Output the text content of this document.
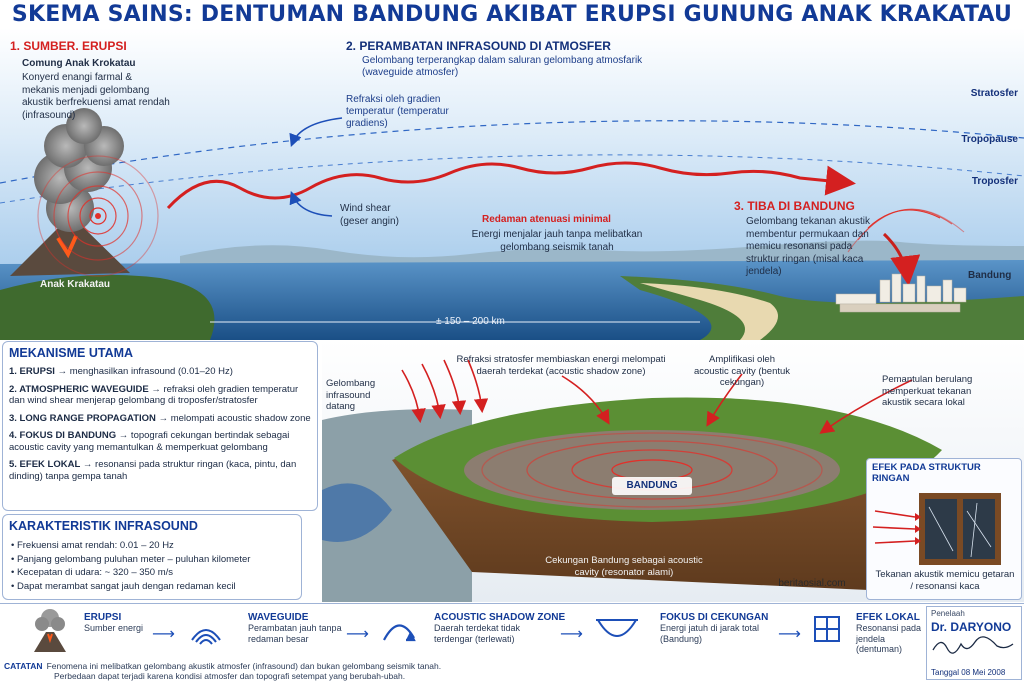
SKEMA SAINS: DENTUMAN BANDUNG AKIBAT ERUPSI GUNUNG ANAK KRAKATAU
1. SUMBER. ERUPSI
Comung Anak Krokatau
Konyerd enangi farmal & mekanis menjadi gelombang akustik berfrekuensi amat rendah (infrasound)
Anak Krakatau
2. PERAMBATAN INFRASOUND DI ATMOSFER
Gelombang terperangkap dalam saluran gelombang atmosfarik (waveguide atmosfer)
Refraksi oleh gradien temperatur (temperatur gradiens)
Wind shear (geser angin)	Redaman atenuasi minimal
Energi menjalar jauh tanpa melibatkan gelombang seismik tanah
± 150 – 200 km
Stratosfer
Tropopause
Troposfer
3. TIBA DI BANDUNG
Gelombang tekanan akustik membentur permukaan dan memicu resonansi pada struktur ringan (misal kaca jendela)	Bandung
MEKANISME UTAMA
1. ERUPSI → menghasilkan infrasound (0.01–20 Hz)
2. ATMOSPHERIC WAVEGUIDE → refraksi oleh gradien temperatur dan wind shear menjerap gelombang di troposfer/stratosfer
3. LONG RANGE PROPAGATION → melompati acoustic shadow zone
4. FOKUS DI BANDUNG → topografi cekungan bertindak sebagai acoustic cavity yang memantulkan & memperkuat gelombang
5. EFEK LOKAL → resonansi pada struktur ringan (kaca, pintu, dan dinding) tanpa gempa tanah
KARAKTERISTIK INFRASOUND
• Frekuensi amat rendah: 0.01 – 20 Hz
• Panjang gelombang puluhan meter – puluhan kilometer
• Kecepatan di udara: ~ 320 – 350 m/s
• Dapat merambat sangat jauh dengan redaman kecil
Gelombang infrasound datang
Refraksi stratosfer membiaskan energi melompati daerah terdekat (acoustic shadow zone)
Amplifikasi oleh acoustic cavity (bentuk cekungan)	Pemantulan berulang memperkuat tekanan akustik secara lokal
BANDUNG
Cekungan Bandung sebagai acoustic cavity (resonator alami)
beritaosial.com
EFEK PADA STRUKTUR RINGAN
Tekanan akustik memicu getaran / resonansi kaca
ERUPSI
Sumber energi ⟶
WAVEGUIDE
Perambatan jauh tanpa redaman besar	⟶
ACOUSTIC SHADOW ZONE
Daerah terdekat tidak terdengar (terlewati)	⟶
FOKUS DI CEKUNGAN
Energi jatuh di jarak total (Bandung)	⟶
EFEK LOKAL
Resonansi pada jendela (dentuman)
Penelaah
Dr. DARYONO
Tanggal 08 Mei 2008
CATATAN Fenomena ini melibatkan gelombang akustik atmosfer (infrasound) dan bukan gelombang seismik tanah.
Perbedaan dapat terjadi karena kondisi atmosfer dan topografi setempat yang berubah-ubah.
